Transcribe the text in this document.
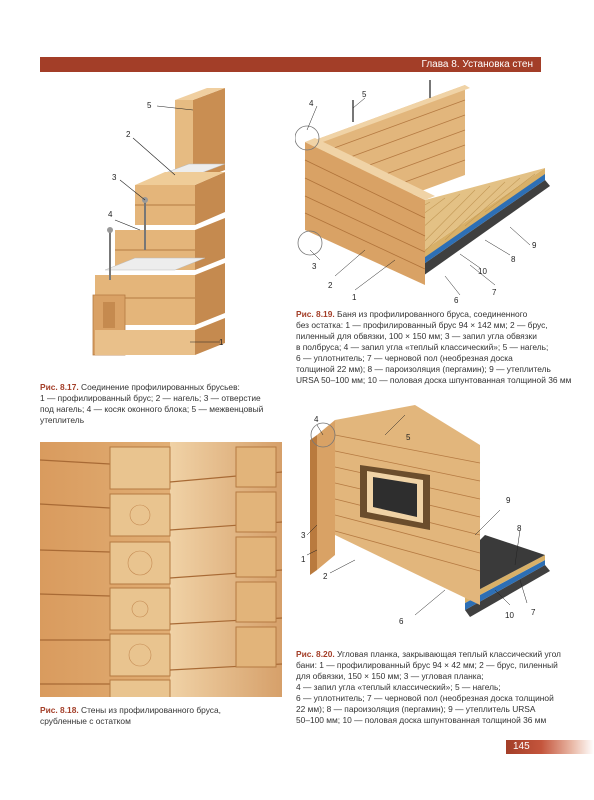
Глава 8. Установка стен
5
2
3
4
1
Рис. 8.17. Соединение профилированных брусьев:
1 — профилированный брус; 2 — нагель; 3 — отверстие
под нагель; 4 — косяк оконного блока; 5 — межвенцовый
утеплитель
Рис. 8.18. Стены из профилированного бруса,
срубленные с остатком
4
5
3
2
1	6
7
10
8
9
Рис. 8.19. Баня из профилированного бруса, соединенного
без остатка: 1 — профилированный брус 94 × 142 мм; 2 — брус,
пиленный для обвязки, 100 × 150 мм; 3 — запил угла обвязки
в полбруса; 4 — запил угла «теплый классический»; 5 — нагель;
6 — уплотнитель; 7 — черновой пол (необрезная доска
толщиной 22 мм); 8 — пароизоляция (пергамин); 9 — утеплитель
URSA 50–100 мм; 10 — половая доска шпунтованная толщиной 36 мм
4
5
3
1
2
9
8
6
10 7
Рис. 8.20. Угловая планка, закрывающая теплый классический угол
бани: 1 — профилированный брус 94 × 42 мм; 2 — брус, пиленный
для обвязки, 150 × 150 мм; 3 — угловая планка;
4 — запил угла «теплый классический»; 5 — нагель;
6 — уплотнитель; 7 — черновой пол (необрезная доска толщиной
22 мм); 8 — пароизоляция (пергамин); 9 — утеплитель URSA
50–100 мм; 10 — половая доска шпунтованная толщиной 36 мм
145
